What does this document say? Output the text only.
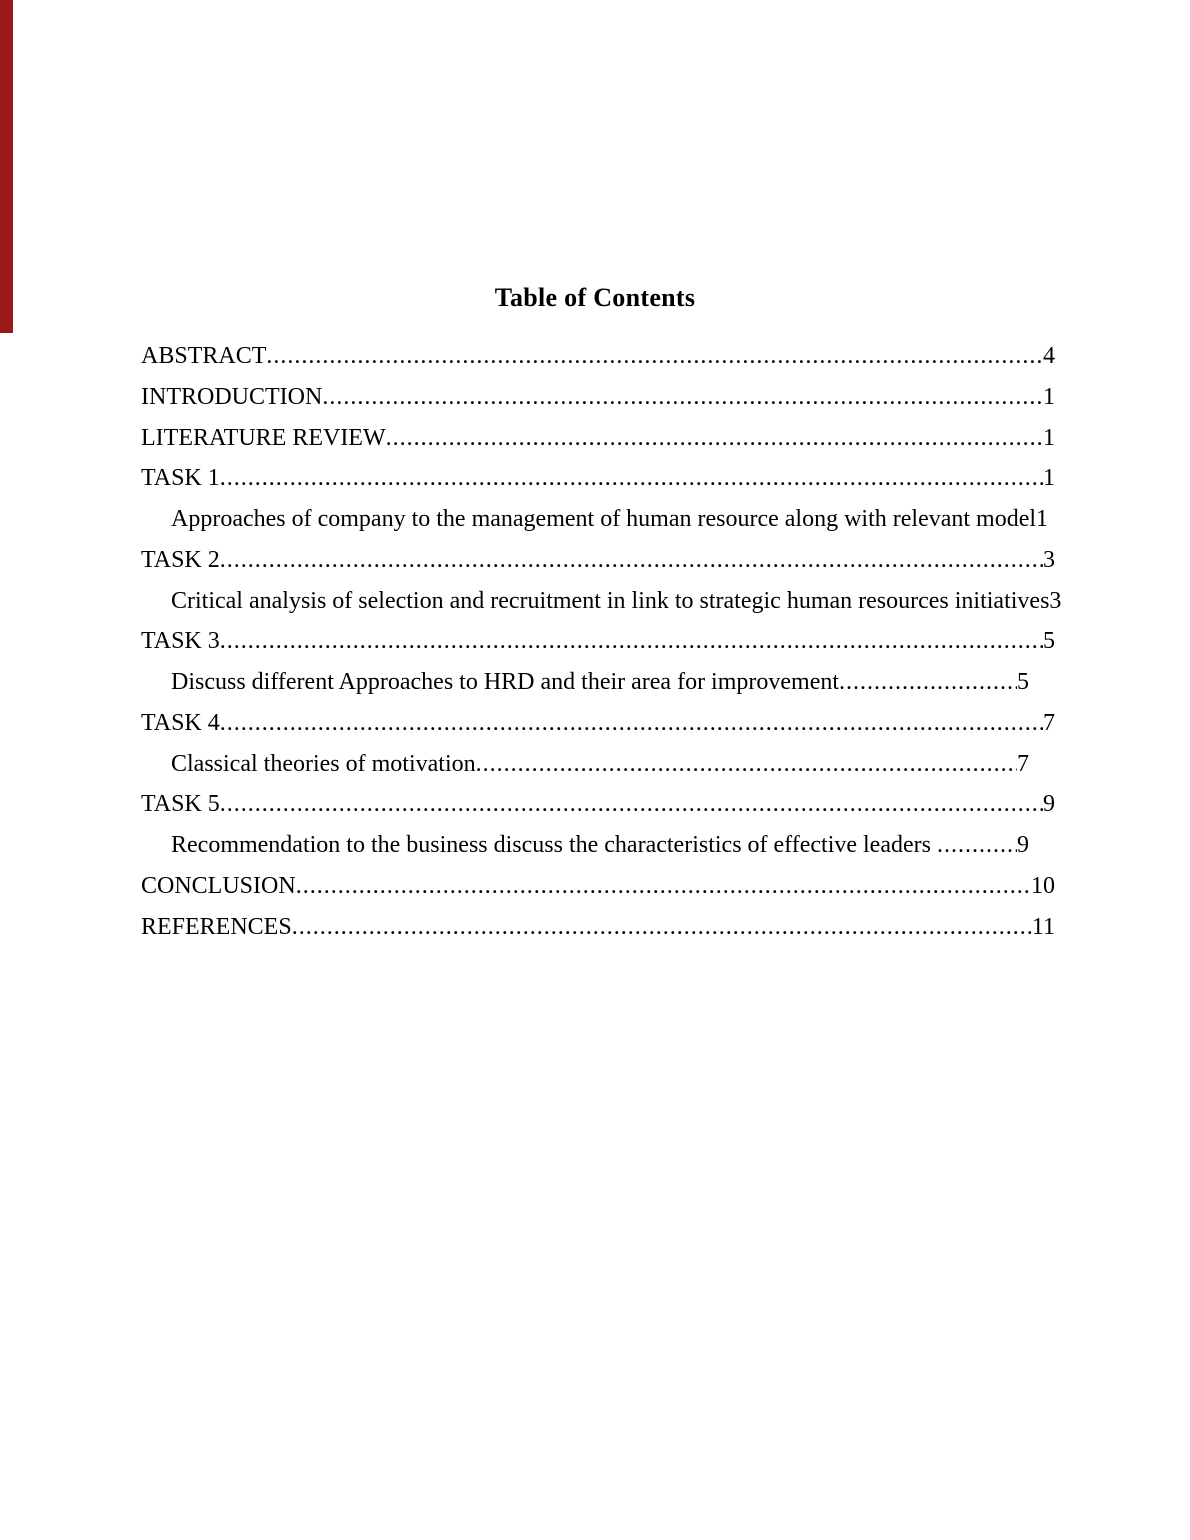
Table of Contents
ABSTRACT .....	4
INTRODUCTION .....	1
LITERATURE REVIEW .....	1
TASK 1 .....	1
Approaches of company to the management of human resource along with relevant model 1
TASK 2 .....	3
Critical analysis of selection and recruitment in link to strategic human resources initiatives 3
TASK 3 .....	5
Discuss different Approaches to HRD and their area for improvement .....	5
TASK 4 .....	7
Classical theories of motivation .....	7
TASK 5 .....	9
Recommendation to the business discuss the characteristics of effective leaders .....	9
CONCLUSION .....	10
REFERENCES .....	11
